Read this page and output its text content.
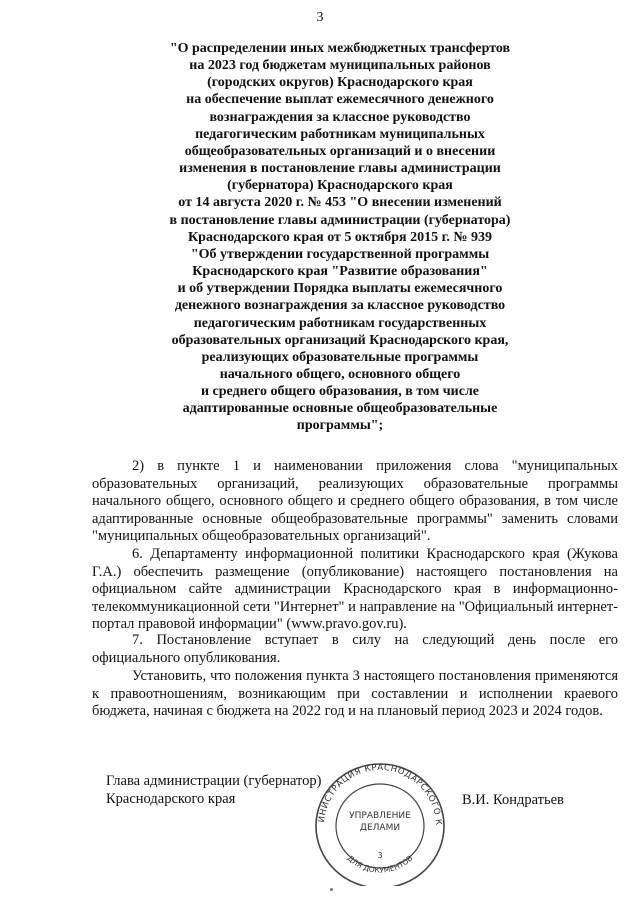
3
"О распределении иных межбюджетных трансфертов
на 2023 год бюджетам муниципальных районов
(городских округов) Краснодарского края
на обеспечение выплат ежемесячного денежного
вознаграждения за классное руководство
педагогическим работникам муниципальных
общеобразовательных организаций и о внесении
изменения в постановление главы администрации
(губернатора) Краснодарского края
от 14 августа 2020 г. № 453 "О внесении изменений
в постановление главы администрации (губернатора)
Краснодарского края от 5 октября 2015 г. № 939
"Об утверждении государственной программы
Краснодарского края "Развитие образования"
и об утверждении Порядка выплаты ежемесячного
денежного вознаграждения за классное руководство
педагогическим работникам государственных
образовательных организаций Краснодарского края,
реализующих образовательные программы
начального общего, основного общего
и среднего общего образования, в том числе
адаптированные основные общеобразовательные
программы";

2) в пункте 1 и наименовании приложения слова "муниципальных образовательных организаций, реализующих образовательные программы начального общего, основного общего и среднего общего образования, в том числе адаптированные основные общеобразовательные программы" заменить словами "муниципальных общеобразовательных организаций".

6. Департаменту информационной политики Краснодарского края (Жукова Г.А.) обеспечить размещение (опубликование) настоящего постановления на официальном сайте администрации Краснодарского края в информационно-телекоммуникационной сети "Интернет" и направление на "Официальный интернет-портал правовой информации" (www.pravo.gov.ru).

7. Постановление вступает в силу на следующий день после его официального опубликования.

Установить, что положения пункта 3 настоящего постановления применяются к правоотношениям, возникающим при составлении и исполнении краевого бюджета, начиная с бюджета на 2022 год и на плановый период 2023 и 2024 годов.

Глава администрации (губернатор)
Краснодарского края	В.И. Кондратьев
ИНИСТРАЦИЯ КРАСНОДАРСКОГО К
ДЛЯ ДОКУМЕНТОВ
УПРАВЛЕНИЕ
ДЕЛАМИ
3
